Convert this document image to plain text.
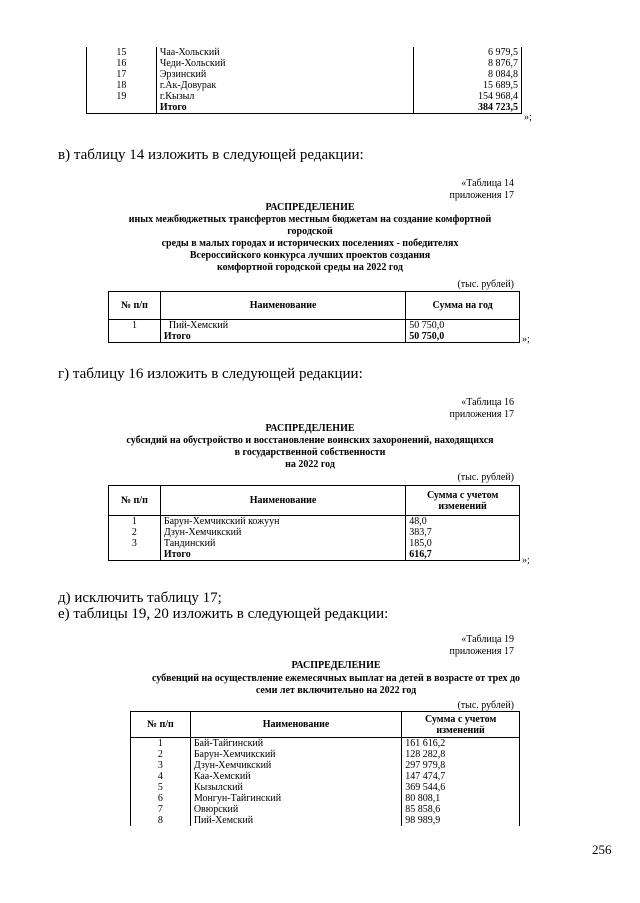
15	Чаа-Хольский	6 979,5
16	Чеди-Хольский	8 876,7
17	Эрзинский	8 084,8
18	г.Ак-Довурак	15 689,5
19	г.Кызыл	154 968,4
	Итого	384 723,5
»;
в) таблицу 14 изложить в следующей редакции:
«Таблица 14
приложения 17
РАСПРЕДЕЛЕНИЕ
иных межбюджетных трансфертов местным бюджетам на создание комфортной
городской
среды в малых городах и исторических поселениях - победителях
Всероссийского конкурса лучших проектов создания
комфортной городской среды на 2022 год
(тыс. рублей)
№ п/п	Наименование	Сумма на год
1	Пий-Хемский	50 750,0
	Итого	50 750,0	»;
г) таблицу 16 изложить в следующей редакции:
«Таблица 16
приложения 17
РАСПРЕДЕЛЕНИЕ
субсидий на обустройство и восстановление воинских захоронений, находящихся
в государственной собственности
на 2022 год
(тыс. рублей)
№ п/п	Наименование	Сумма с учетом
изменений

1	Барун-Хемчикский кожуун	48,0
2	Дзун-Хемчикский	383,7
3	Тандинский	185,0
	Итого	616,7
»;
д) исключить таблицу 17;
е) таблицы 19, 20 изложить в следующей редакции:
«Таблица 19
приложения 17
РАСПРЕДЕЛЕНИЕ
субвенций на осуществление ежемесячных выплат на детей в возрасте от трех до
семи лет включительно на 2022 год
(тыс. рублей)
№ п/п	Наименование	Сумма с учетом
изменений

1	Бай-Тайгинский	161 616,2
2	Барун-Хемчикский	128 282,8
3	Дзун-Хемчикский	297 979,8
4	Каа-Хемский	147 474,7
5	Кызылский	369 544,6
6	Монгун-Тайгинский	80 808,1
7	Овюрский	85 858,6
8	Пий-Хемский	98 989,9
256
